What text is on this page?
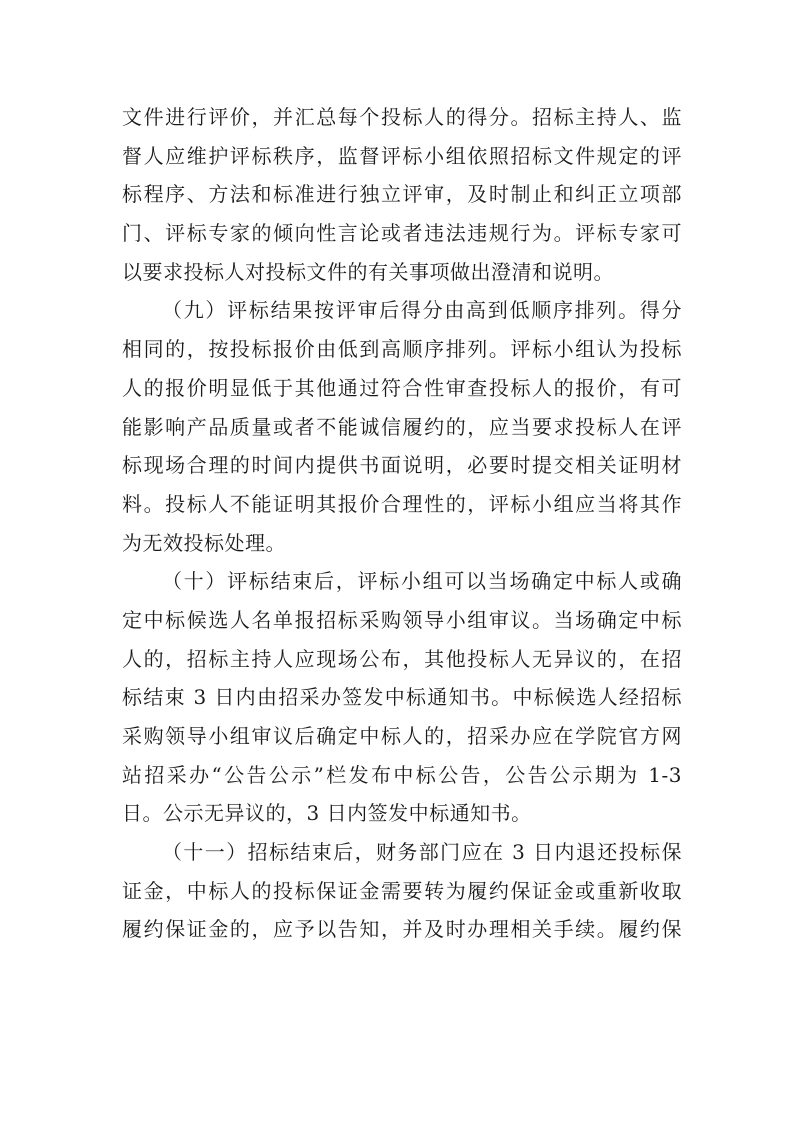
文件进行评价，并汇总每个投标人的得分。招标主持人、监
督人应维护评标秩序，监督评标小组依照招标文件规定的评
标程序、方法和标准进行独立评审，及时制止和纠正立项部
门、评标专家的倾向性言论或者违法违规行为。评标专家可
以要求投标人对投标文件的有关事项做出澄清和说明。
（九）评标结果按评审后得分由高到低顺序排列。得分
相同的，按投标报价由低到高顺序排列。评标小组认为投标
人的报价明显低于其他通过符合性审查投标人的报价，有可
能影响产品质量或者不能诚信履约的，应当要求投标人在评
标现场合理的时间内提供书面说明，必要时提交相关证明材
料。投标人不能证明其报价合理性的，评标小组应当将其作
为无效投标处理。
（十）评标结束后，评标小组可以当场确定中标人或确
定中标候选人名单报招标采购领导小组审议。当场确定中标
人的，招标主持人应现场公布，其他投标人无异议的，在招
标结束 3 日内由招采办签发中标通知书。中标候选人经招标
采购领导小组审议后确定中标人的，招采办应在学院官方网
站招采办“公告公示”栏发布中标公告，公告公示期为 1-3
日。公示无异议的，3 日内签发中标通知书。
（十一）招标结束后，财务部门应在 3 日内退还投标保
证金，中标人的投标保证金需要转为履约保证金或重新收取
履约保证金的，应予以告知，并及时办理相关手续。履约保
